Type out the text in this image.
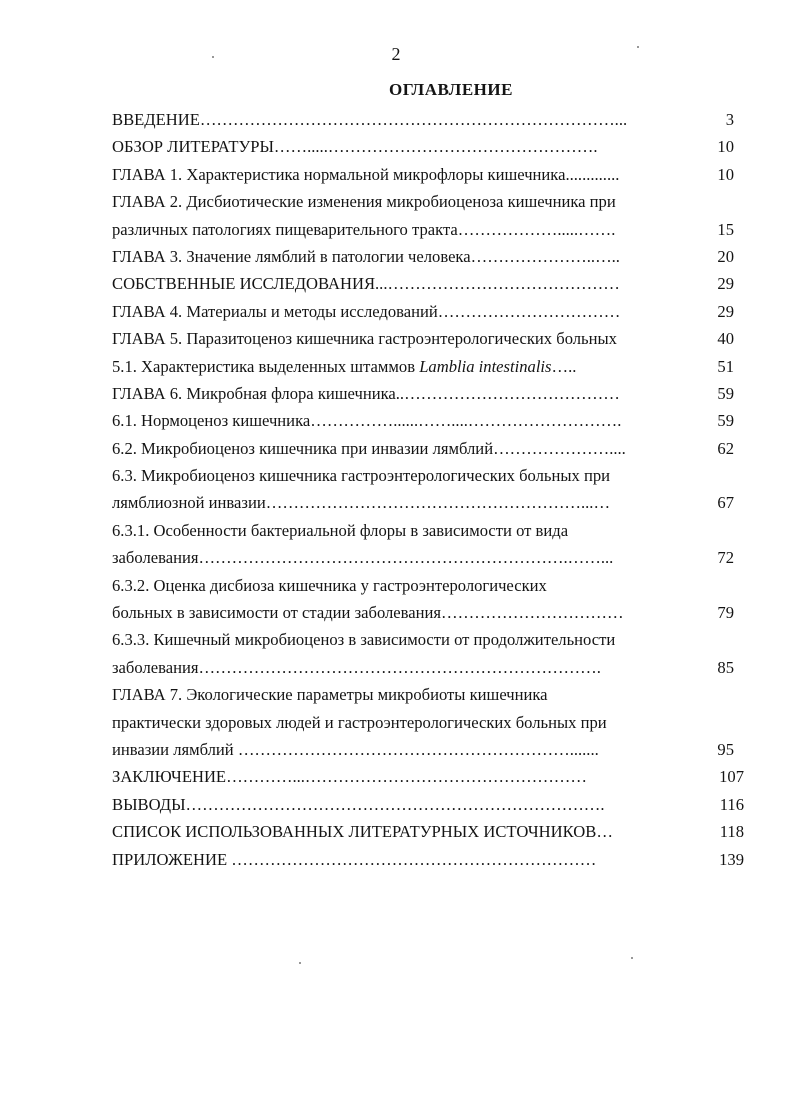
2
ОГЛАВЛЕНИЕ
ВВЕДЕНИЕ…………………………………………………………………...	3
ОБЗОР ЛИТЕРАТУРЫ…….....………………………………………….	10
ГЛАВА 1. Характеристика нормальной микрофлоры кишечника.............	10
ГЛАВА 2. Дисбиотические изменения микробиоценоза кишечника при
различных патологиях пищеварительного тракта……………….....…….	15
ГЛАВА 3. Значение лямблий в патологии человека…………………..…..	20
СОБСТВЕННЫЕ ИССЛЕДОВАНИЯ...……………………………………	29
ГЛАВА 4. Материалы и методы исследований……………………………	29
ГЛАВА 5. Паразитоценоз кишечника гастроэнтерологических больных	40
5.1. Характеристика выделенных штаммов Lamblia intestinalis…..	51
ГЛАВА 6. Микробная флора кишечника..…………………………………	59
6.1. Нормоценоз кишечника……………......……....……………………….	59
6.2. Микробиоценоз кишечника при инвазии лямблий…………………....	62
6.3. Микробиоценоз кишечника гастроэнтерологических больных при
лямблиозной инвазии…………………………………………………...…	67
6.3.1. Особенности бактериальной флоры в зависимости от вида
заболевания………………………………………………………….……...	72
6.3.2. Оценка дисбиоза кишечника у гастроэнтерологических
больных в зависимости от стадии заболевания……………………………	79
6.3.3. Кишечный микробиоценоз в зависимости от продолжительности
заболевания……………………………………………………………….	85
ГЛАВА 7. Экологические параметры микробиоты кишечника
практически здоровых людей и гастроэнтерологических больных при
инвазии лямблий …………………………………………………….......	95
ЗАКЛЮЧЕНИЕ…………...……………………………………………	107
ВЫВОДЫ………………………………………………………………….	116
СПИСОК ИСПОЛЬЗОВАННЫХ ЛИТЕРАТУРНЫХ ИСТОЧНИКОВ…	118
ПРИЛОЖЕНИЕ …………………………………………………………	139
